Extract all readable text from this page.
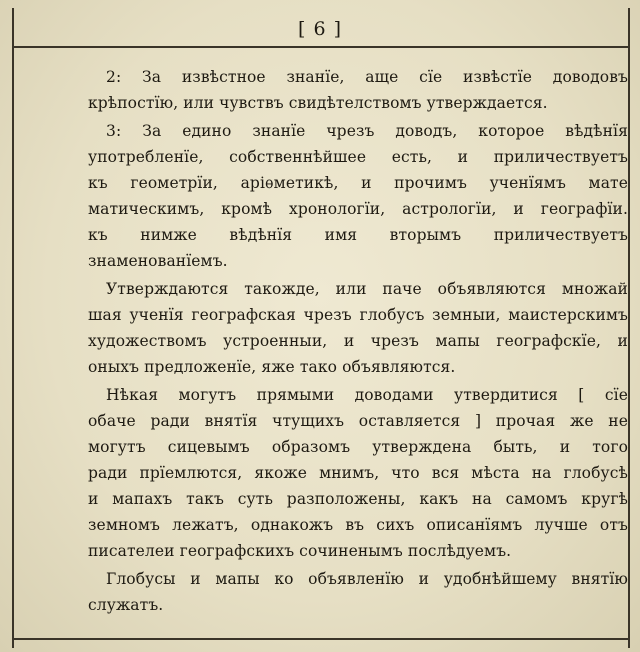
[ 6 ]
2: За извѣстное знанїе, аще сїе извѣстїе доводовъ
крѣпостїю, или чувствъ свидѣтелствомъ утверждается.
3: За едино знанїе чрезъ доводъ, которое вѣдѣнїя
употребленїе, собственнѣйшее есть, и приличествуетъ
къ геометрїи, аріѳметикѣ, и прочимъ ученїямъ мате
матическимъ, кромѣ хронологїи, астрологїи, и географїи.
къ нимже вѣдѣнїя имя вторымъ приличествуетъ
знаменованїемъ.
Утверждаются такожде, или паче объявляются множай
шая ученїя географская чрезъ глобусъ земныи, маистерскимъ
художествомъ устроенныи, и чрезъ мапы географскїе, и
оныхъ предложенїе, яже тако объявляются.
Нѣкая могутъ прямыми доводами утвердитися [ сїе
обаче ради внятїя чтущихъ оставляется ] прочая же не
могутъ сицевымъ образомъ утверждена быть, и того
ради прїемлются, якоже мнимъ, что вся мѣста на глобусѣ
и мапахъ такъ суть разположены, какъ на самомъ кругѣ
земномъ лежатъ, однакожъ въ сихъ описанїямъ лучше отъ
писателеи географскихъ сочиненымъ послѣдуемъ.
Глобусы и мапы ко объявленїю и удобнѣйшему внятїю
служатъ.
